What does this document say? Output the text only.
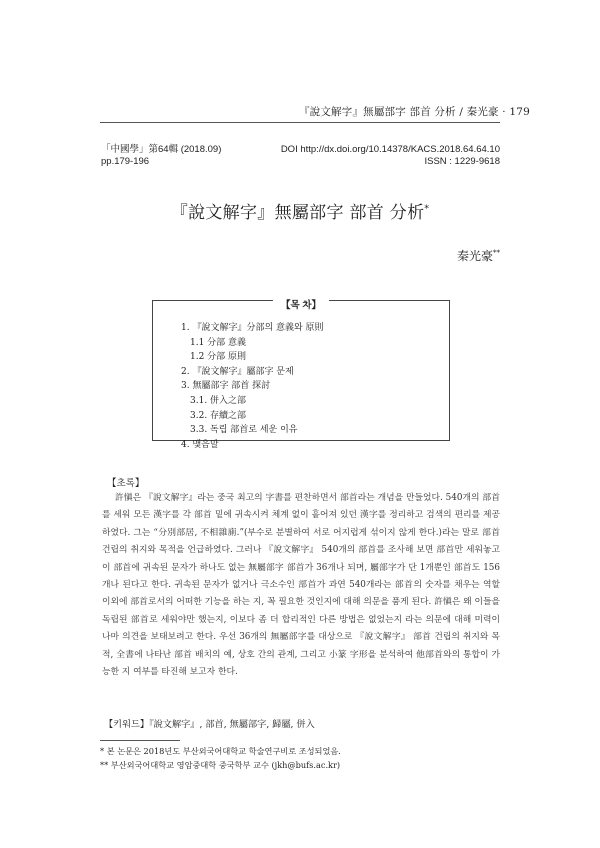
『說文解字』無屬部字 部首 分析 / 秦光豪 · 179
「中國學」第64輯 (2018.09)
pp.179-196
DOI http://dx.doi.org/10.14378/KACS.2018.64.64.10
ISSN : 1229-9618
『說文解字』無屬部字 部首 分析*
秦光豪**
【목 차】
1. 『說文解字』分部의 意義와 原則
1.1 分部 意義
1.2 分部 原則
2. 『說文解字』屬部字 문제
3. 無屬部字 部首 探討
3.1. 併入之部
3.2. 存續之部
3.3. 독립 部首로 세운 이유
4. 맺음말
【초록】
許愼은 『說文解字』라는 중국 최고의 字書를 편찬하면서 部首라는 개념을 만들었다. 540개의 部首를 세워 모든 漢字를 각 部首 밑에 귀속시켜 체계 없이 흩어져 있던 漢字를 정리하고 검색의 편리를 제공하였다. 그는 “分別部居, 不相雜廁.”(부수로 분별하여 서로 어지럽게 섞이지 않게 한다.)라는 말로 部首 건립의 취지와 목적을 언급하였다. 그러나 『說文解字』 540개의 部首를 조사해 보면 部首만 세워놓고 이 部首에 귀속된 문자가 하나도 없는 無屬部字 部首가 36개나 되며, 屬部字가 단 1개뿐인 部首도 156개나 된다고 한다. 귀속된 문자가 없거나 극소수인 部首가 과연 540개라는 部首의 숫자를 채우는 역할 이외에 部首로서의 어떠한 기능을 하는 지, 꼭 필요한 것인지에 대해 의문을 품게 된다. 許愼은 왜 이들을 독립된 部首로 세워야만 했는지, 이보다 좀 더 합리적인 다른 방법은 없었는지 라는 의문에 대해 미력이나마 의견을 보태보려고 한다. 우선 36개의 無屬部字를 대상으로 『說文解字』 部首 건립의 취지와 목적, 全書에 나타난 部首 배치의 예, 상호 간의 관계, 그리고 小篆 字形을 분석하여 他部首와의 통합이 가능한 지 여부를 타진해 보고자 한다.
【키워드】『說文解字』, 部首, 無屬部字, 歸屬, 併入
* 본 논문은 2018년도 부산외국어대학교 학술연구비로 조성되었음.
** 부산외국어대학교 영암중대학 중국학부 교수 (jkh@bufs.ac.kr)
